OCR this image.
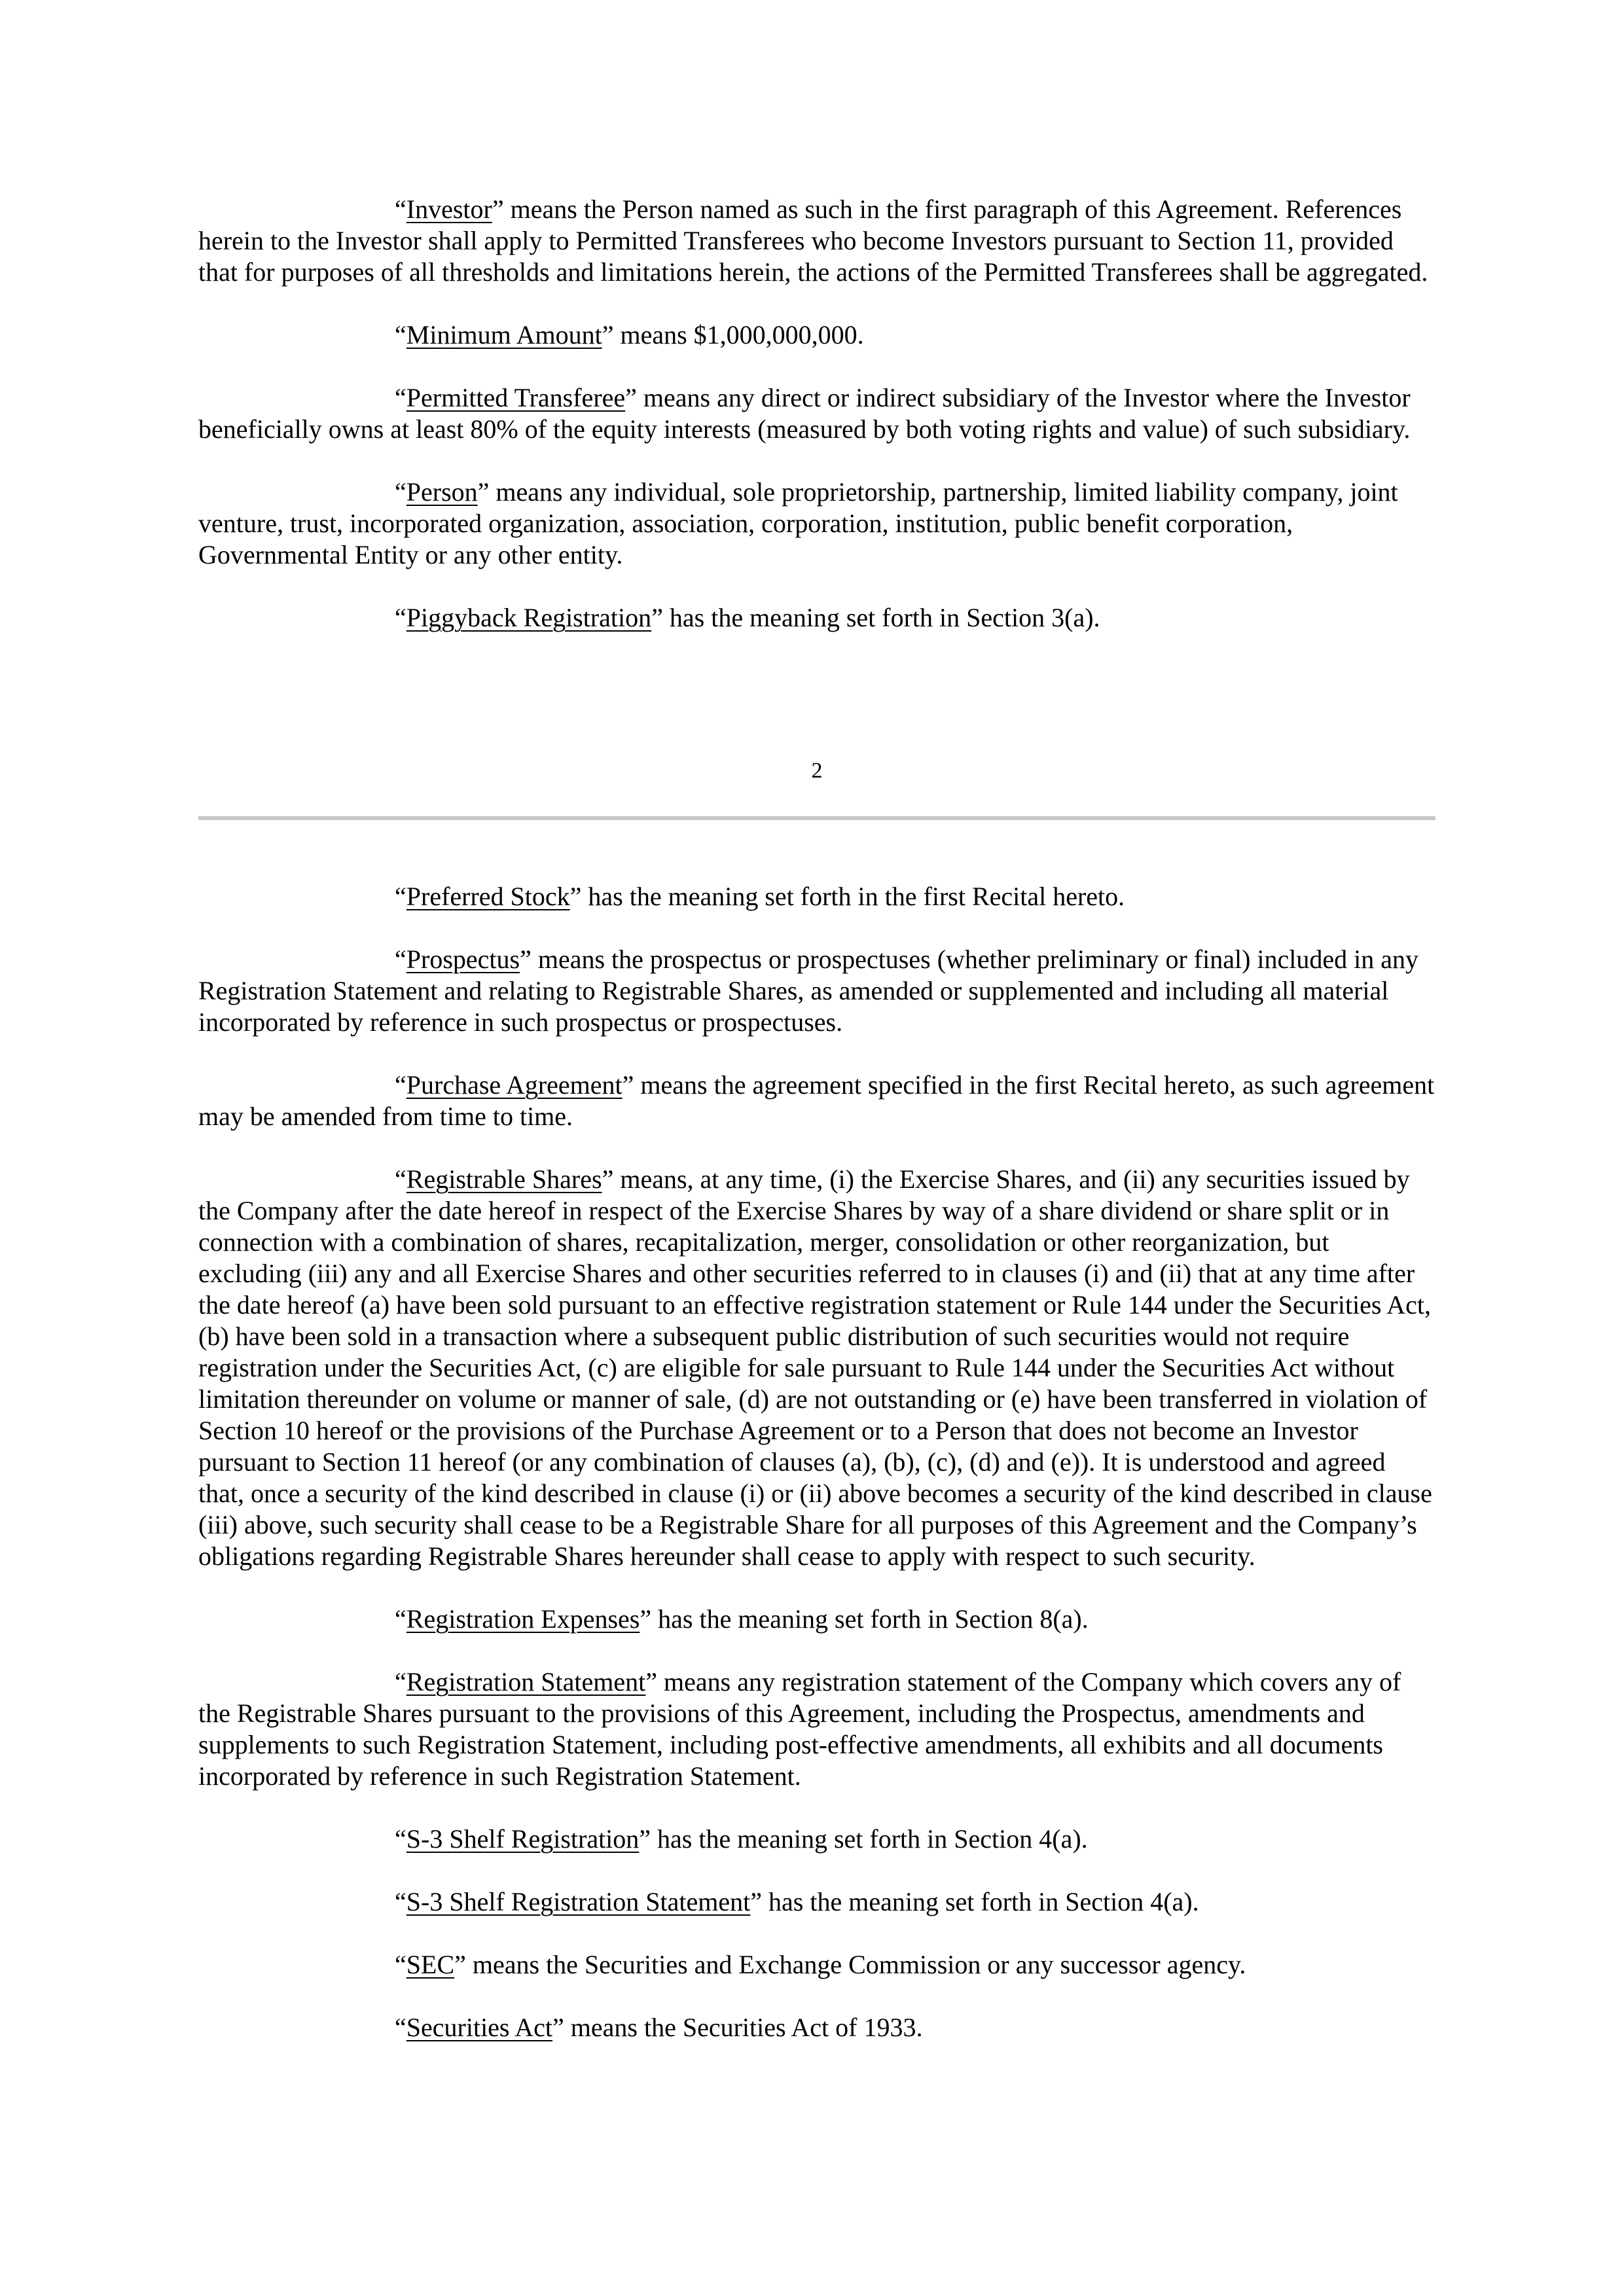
“Investor” means the Person named as such in the first paragraph of this Agreement. References herein to the Investor shall apply to Permitted Transferees who become Investors pursuant to Section 11, provided that for purposes of all thresholds and limitations herein, the actions of the Permitted Transferees shall be aggregated.

“Minimum Amount” means $1,000,000,000.

“Permitted Transferee” means any direct or indirect subsidiary of the Investor where the Investor beneficially owns at least 80% of the equity interests (measured by both voting rights and value) of such subsidiary.

“Person” means any individual, sole proprietorship, partnership, limited liability company, joint venture, trust, incorporated organization, association, corporation, institution, public benefit corporation, Governmental Entity or any other entity.

“Piggyback Registration” has the meaning set forth in Section 3(a).

2

“Preferred Stock” has the meaning set forth in the first Recital hereto.

“Prospectus” means the prospectus or prospectuses (whether preliminary or final) included in any Registration Statement and relating to Registrable Shares, as amended or supplemented and including all material incorporated by reference in such prospectus or prospectuses.

“Purchase Agreement” means the agreement specified in the first Recital hereto, as such agreement may be amended from time to time.

“Registrable Shares” means, at any time, (i) the Exercise Shares, and (ii) any securities issued by the Company after the date hereof in respect of the Exercise Shares by way of a share dividend or share split or in connection with a combination of shares, recapitalization, merger, consolidation or other reorganization, but excluding (iii) any and all Exercise Shares and other securities referred to in clauses (i) and (ii) that at any time after the date hereof (a) have been sold pursuant to an effective registration statement or Rule 144 under the Securities Act, (b) have been sold in a transaction where a subsequent public distribution of such securities would not require registration under the Securities Act, (c) are eligible for sale pursuant to Rule 144 under the Securities Act without limitation thereunder on volume or manner of sale, (d) are not outstanding or (e) have been transferred in violation of Section 10 hereof or the provisions of the Purchase Agreement or to a Person that does not become an Investor pursuant to Section 11 hereof (or any combination of clauses (a), (b), (c), (d) and (e)). It is understood and agreed that, once a security of the kind described in clause (i) or (ii) above becomes a security of the kind described in clause (iii) above, such security shall cease to be a Registrable Share for all purposes of this Agreement and the Company’s obligations regarding Registrable Shares hereunder shall cease to apply with respect to such security.

“Registration Expenses” has the meaning set forth in Section 8(a).

“Registration Statement” means any registration statement of the Company which covers any of the Registrable Shares pursuant to the provisions of this Agreement, including the Prospectus, amendments and supplements to such Registration Statement, including post-effective amendments, all exhibits and all documents incorporated by reference in such Registration Statement.

“S-3 Shelf Registration” has the meaning set forth in Section 4(a).

“S-3 Shelf Registration Statement” has the meaning set forth in Section 4(a).

“SEC” means the Securities and Exchange Commission or any successor agency.

“Securities Act” means the Securities Act of 1933.
